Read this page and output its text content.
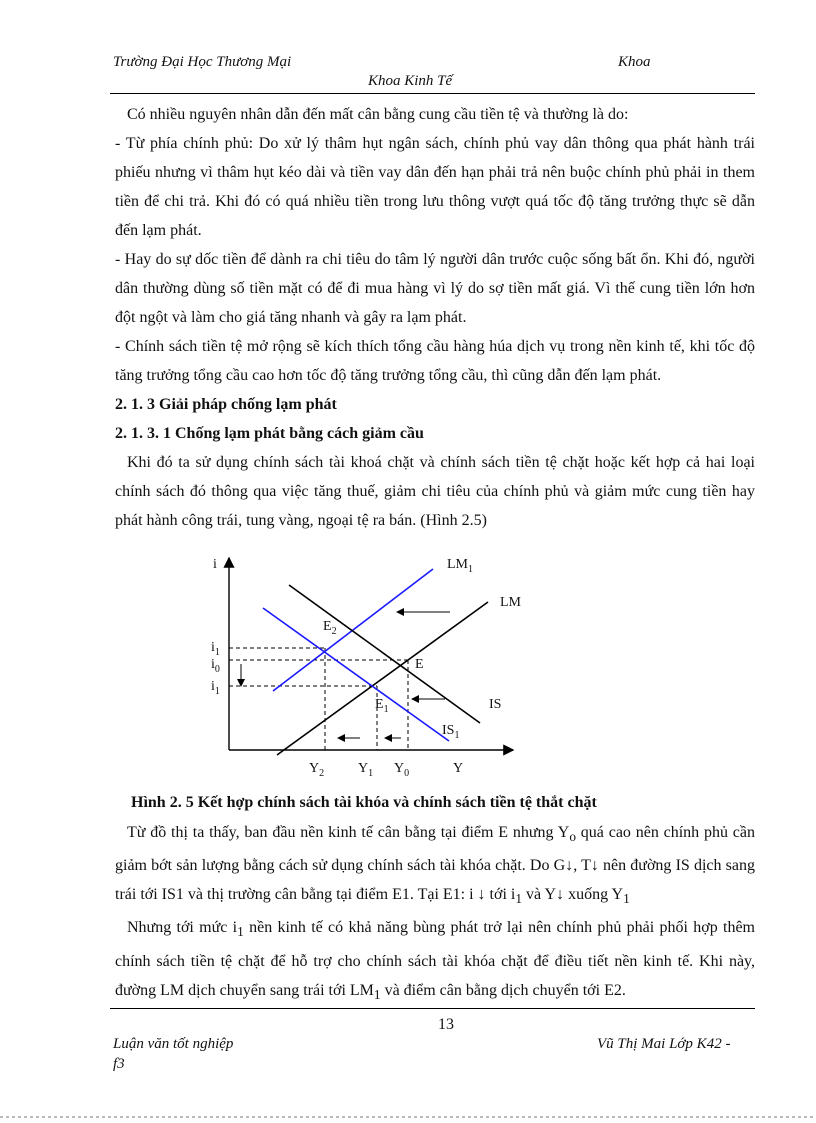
Trường Đại Học Thương Mại	Khoa
Khoa Kinh Tế

Có nhiều nguyên nhân dẫn đến mất cân bằng cung cầu tiền tệ và thường là do:

- Từ phía chính phủ: Do xử lý thâm hụt ngân sách, chính phủ vay dân thông qua phát hành trái phiếu nhưng vì thâm hụt kéo dài và tiền vay dân đến hạn phải trả nên buộc chính phủ phải in them tiền để chi trả. Khi đó có quá nhiều tiền trong lưu thông vượt quá tốc độ tăng trưởng thực sẽ dẫn đến lạm phát.

- Hay do sự dốc tiền để dành ra chi tiêu do tâm lý người dân trước cuộc sống bất ổn. Khi đó, người dân thường dùng số tiền mặt có để đi mua hàng vì lý do sợ tiền mất giá. Vì thế cung tiền lớn hơn đột ngột và làm cho giá tăng nhanh và gây ra lạm phát.

- Chính sách tiền tệ mở rộng sẽ kích thích tổng cầu hàng húa dịch vụ trong nền kinh tế, khi tốc độ tăng trưởng tổng cầu cao hơn tốc độ tăng trưởng tổng cầu, thì cũng dẫn đến lạm phát.

2. 1. 3 Giải pháp chống lạm phát

2. 1. 3. 1 Chống lạm phát bằng cách giảm cầu

Khi đó ta sử dụng chính sách tài khoá chặt và chính sách tiền tệ chặt hoặc kết hợp cả hai loại chính sách đó thông qua việc tăng thuế, giảm chi tiêu của chính phủ và giảm mức cung tiền hay phát hành công trái, tung vàng, ngoại tệ ra bán. (Hình 2.5)

i
Y
$LM_1$
LM
IS
$IS_1$
E
$E_1$
$E_2$
$i_1$
$i_0$
$i_1$
$Y_2$ $Y_1$ $Y_0$
Hình 2. 5 Kết hợp chính sách tài khóa và chính sách tiền tệ thắt chặt

Từ đồ thị ta thấy, ban đầu nền kinh tế cân bằng tại điểm E nhưng $Y_o$ quá cao nên chính phủ cần giảm bớt sản lượng bằng cách sử dụng chính sách tài khóa chặt. Do G↓, T↓ nên đường IS dịch sang trái tới IS1 và thị trường cân bằng tại điểm E1. Tại E1: i ↓ tới $i_1$ và Y↓ xuống $Y_1$

Nhưng tới mức $i_1$ nền kinh tế có khả năng bùng phát trở lại nên chính phủ phải phối hợp thêm chính sách tiền tệ chặt để hỗ trợ cho chính sách tài khóa chặt để điều tiết nền kinh tế. Khi này, đường LM dịch chuyển sang trái tới $LM_1$ và điểm cân bằng dịch chuyển tới E2.

13
Luận văn tốt nghiệp
f3
Vũ Thị Mai Lớp K42 -
